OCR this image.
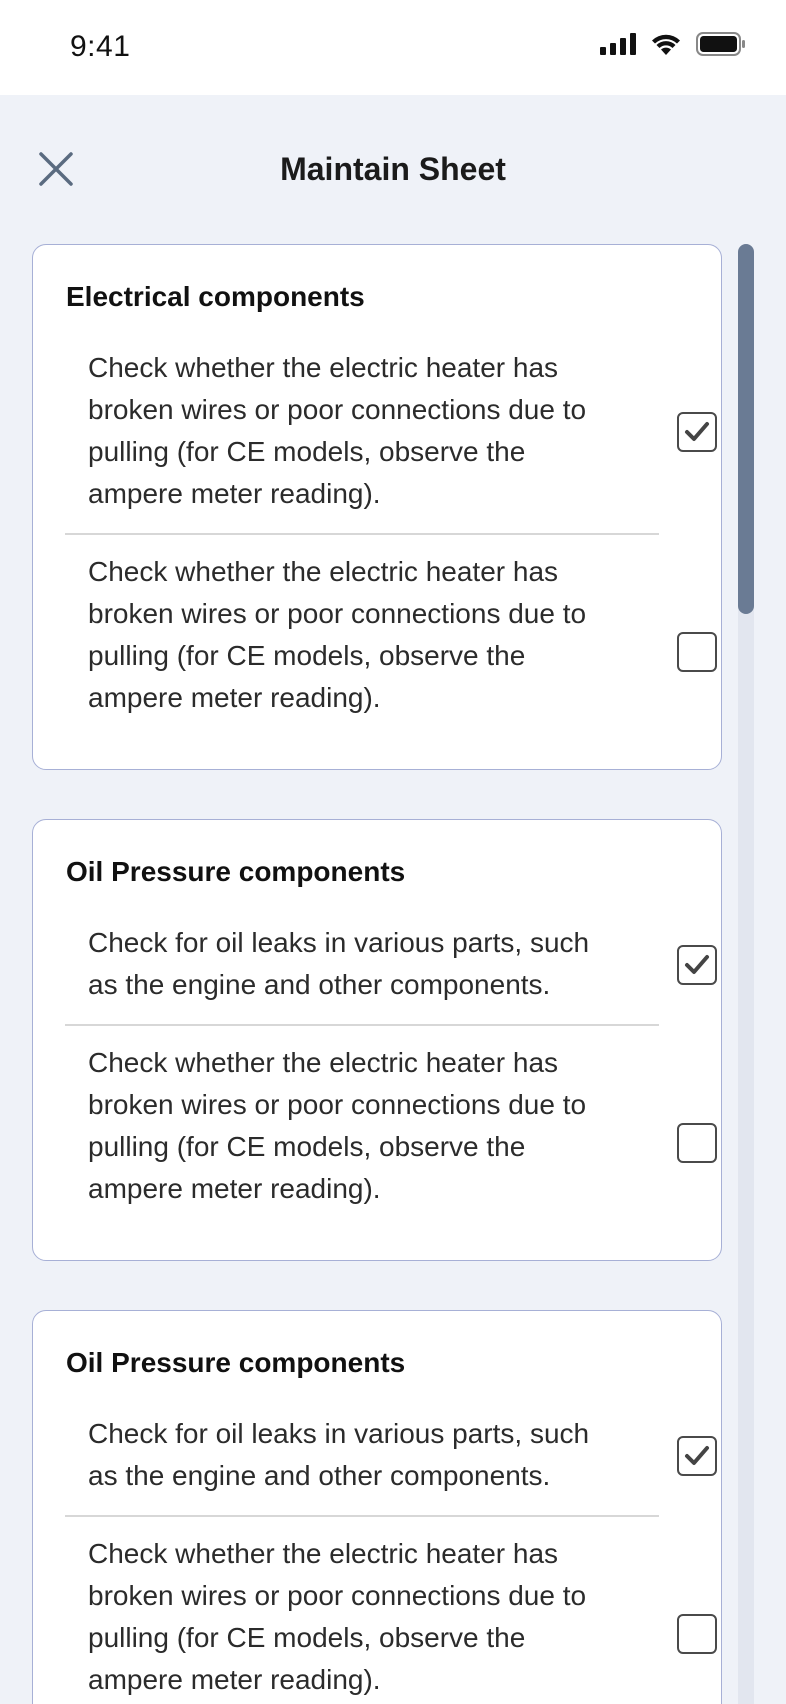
9:41
Maintain Sheet
Electrical components
Check whether the electric heater has broken wires or poor connections due to pulling (for CE models, observe the ampere meter reading).
Check whether the electric heater has broken wires or poor connections due to pulling (for CE models, observe the ampere meter reading).
Oil Pressure components
Check for oil leaks in various parts, such as the engine and other components.
Check whether the electric heater has broken wires or poor connections due to pulling (for CE models, observe the ampere meter reading).
Oil Pressure components
Check for oil leaks in various parts, such as the engine and other components.
Check whether the electric heater has broken wires or poor connections due to pulling (for CE models, observe the ampere meter reading).
